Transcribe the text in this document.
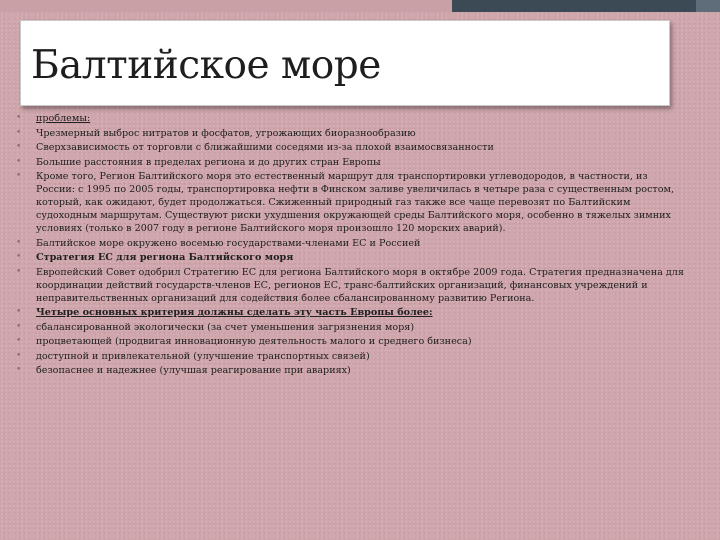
Балтийское море
•	проблемы:
•	Чрезмерный выброс нитратов и фосфатов, угрожающих биоразнообразию
•	Сверхзависимость от торговли с ближайшими соседями из-за плохой взаимосвязанности
•	Большие расстояния в пределах региона и до других стран Европы
•	Кроме того, Регион Балтийского моря это естественный маршрут для транспортировки углеводородов, в частности, из России: с 1995 по 2005 годы, транспортировка нефти в Финском заливе увеличилась в четыре раза с существенным ростом, который, как ожидают, будет продолжаться. Сжиженный природный газ также все чаще перевозят по Балтийским судоходным маршрутам. Существуют риски ухудшения окружающей среды Балтийского моря, особенно в тяжелых зимних условиях (только в 2007 году в регионе Балтийского моря произошло 120 морских аварий).
•	Балтийское море окружено восемью государствами-членами ЕС и Россией
•	Стратегия ЕС для региона Балтийского моря
•	Европейский Совет одобрил Стратегию ЕС для региона Балтийского моря в октябре 2009 года. Стратегия предназначена для координации действий государств-членов ЕС, регионов ЕС, транс-балтийских организаций, финансовых учреждений и неправительственных организаций для содействия более сбалансированному развитию Региона.
•	Четыре основных критерия должны сделать эту часть Европы более:
•	сбалансированной экологически (за счет уменьшения загрязнения моря)
•	процветающей (продвигая инновационную деятельность малого и среднего бизнеса)
•	доступной и привлекательной (улучшение транспортных связей)
•	безопаснее и надежнее (улучшая реагирование при авариях)
